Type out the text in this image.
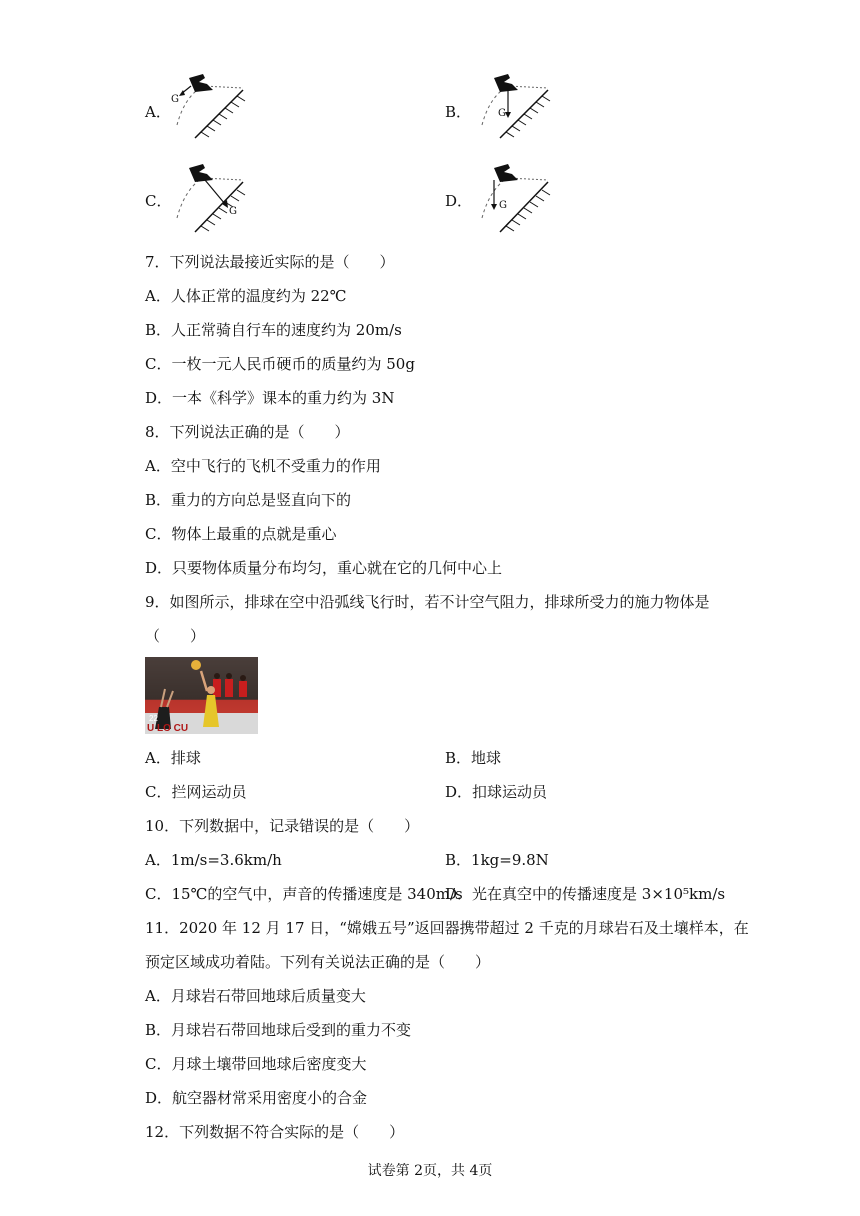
A．
G
B．	G
C．
G
D．	G
7．下列说法最接近实际的是（　　）
A．人体正常的温度约为 22℃
B．人正常骑自行车的速度约为 20m/s
C．一枚一元人民币硬币的质量约为 50g
D．一本《科学》课本的重力约为 3N
8．下列说法正确的是（　　）
A．空中飞行的飞机不受重力的作用
B．重力的方向总是竖直向下的
C．物体上最重的点就是重心
D．只要物体质量分布均匀，重心就在它的几何中心上
9．如图所示，排球在空中沿弧线飞行时，若不计空气阻力，排球所受力的施力物体是
（　　）
U LO CU
22
A．排球	B．地球
C．拦网运动员	D．扣球运动员
10．下列数据中，记录错误的是（　　）
A．1m/s=3.6km/h	B．1kg=9.8N
C．15℃的空气中，声音的传播速度是 340m/s
D．光在真空中的传播速度是 3×10⁵km/s
11．2020 年 12 月 17 日，“嫦娥五号”返回器携带超过 2 千克的月球岩石及土壤样本，在
预定区域成功着陆。下列有关说法正确的是（　　）
A．月球岩石带回地球后质量变大
B．月球岩石带回地球后受到的重力不变
C．月球土壤带回地球后密度变大
D．航空器材常采用密度小的合金
12．下列数据不符合实际的是（　　）
试卷第 2页，共 4页
